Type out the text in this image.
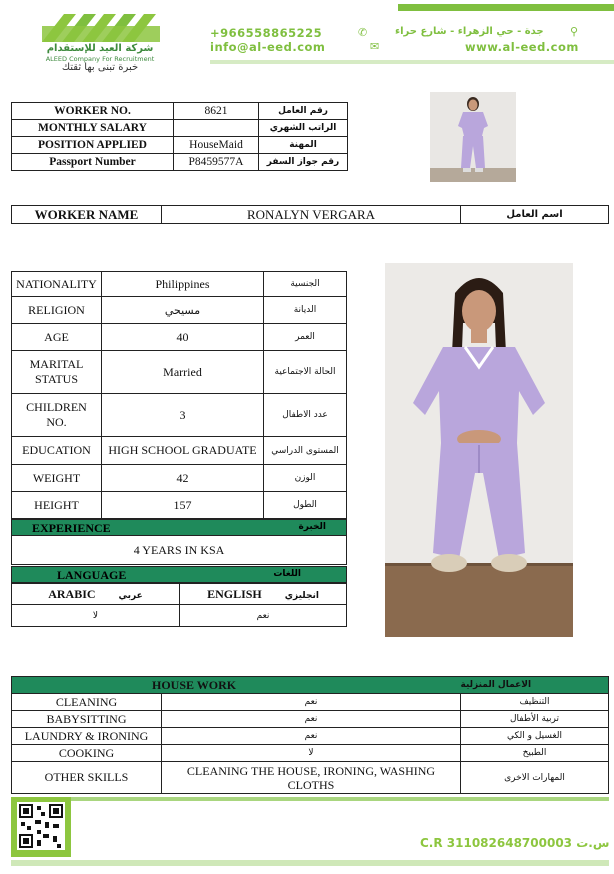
شركة العيد للإستقدام
ALEED Company For Recruitment
خبرة تبنى بها ثقتك
+966558865225	✆	جدة - حي الزهراء - شارع حراء ⚲
info@al-eed.com	✉	www.al-eed.com
WORKER NO.	8621	رقم العامل
MONTHLY SALARY		الراتب الشهري
POSITION APPLIED	HouseMaid	المهنة
Passport Number	P8459577A	رقم جواز السفر
WORKER NAME	RONALYN VERGARA	اسم العامل
NATIONALITY	Philippines	الجنسية
RELIGION	مسيحي	الديانة
AGE	40	العمر
MARITAL STATUS	Married	الحالة الاجتماعية
CHILDREN NO.	3	عدد الاطفال
EDUCATION	HIGH SCHOOL GRADUATE	المستوى الدراسي
WEIGHT	42	الوزن
HEIGHT	157	الطول
EXPERIENCE	الخبرة
4 YEARS IN KSA
LANGUAGE	اللغات
ARABIC عربي	ENGLISH انجليزي
لا	نعم
HOUSE WORK		الاعمال المنزلية
CLEANING	نعم	التنظيف
BABYSITTING	نعم	تربية الأطفال
LAUNDRY & IRONING	نعم	الغسيل و الكي
COOKING	لا	الطبيخ
OTHER SKILLS	CLEANING THE HOUSE, IRONING, WASHING CLOTHS	المهارات الاخرى
C.R 311082648700003 س.ت
